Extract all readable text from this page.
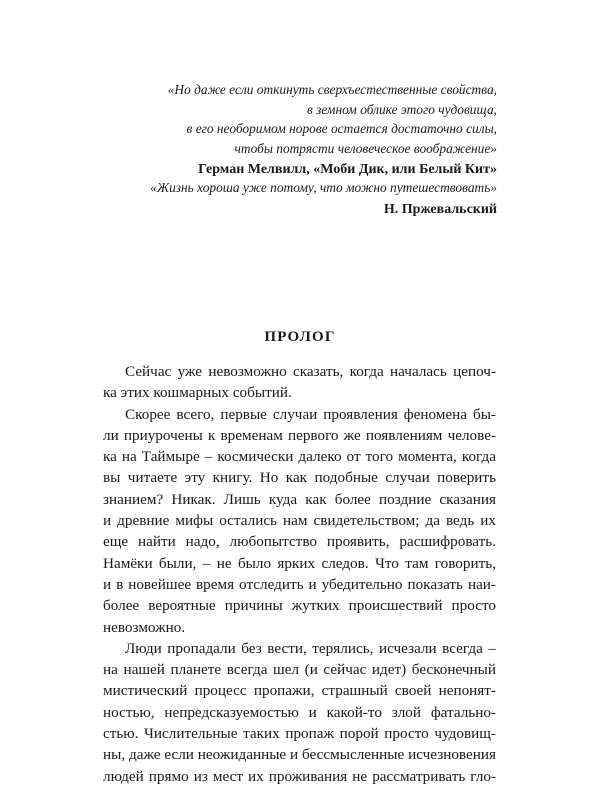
«Но даже если откинуть сверхъестественные свойства,
в земном облике этого чудовища,
в его необоримом норове остается достаточно силы,
чтобы потрясти человеческое воображение»
Герман Мелвилл, «Моби Дик, или Белый Кит»
«Жизнь хороша уже потому, что можно путешествовать»
Н. Пржевальский
ПРОЛОГ
Сейчас уже невозможно сказать, когда началась цепоч-
ка этих кошмарных событий.
Скорее всего, первые случаи проявления феномена бы-
ли приурочены к временам первого же появлениям челове-
ка на Таймыре – космически далеко от того момента, когда
вы читаете эту книгу. Но как подобные случаи поверить
знанием? Никак. Лишь куда как более поздние сказания
и древние мифы остались нам свидетельством; да ведь их
еще найти надо, любопытство проявить, расшифровать.
Намёки были, – не было ярких следов. Что там говорить,
и в новейшее время отследить и убедительно показать наи-
более вероятные причины жутких происшествий просто
невозможно.
Люди пропадали без вести, терялись, исчезали всегда –
на нашей планете всегда шел (и сейчас идет) бесконечный
мистический процесс пропажи, страшный своей непонят-
ностью, непредсказуемостью и какой-то злой фатально-
стью. Числительные таких пропаж порой просто чудовищ-
ны, даже если неожиданные и бессмысленные исчезновения
людей прямо из мест их проживания не рассматривать гло-
